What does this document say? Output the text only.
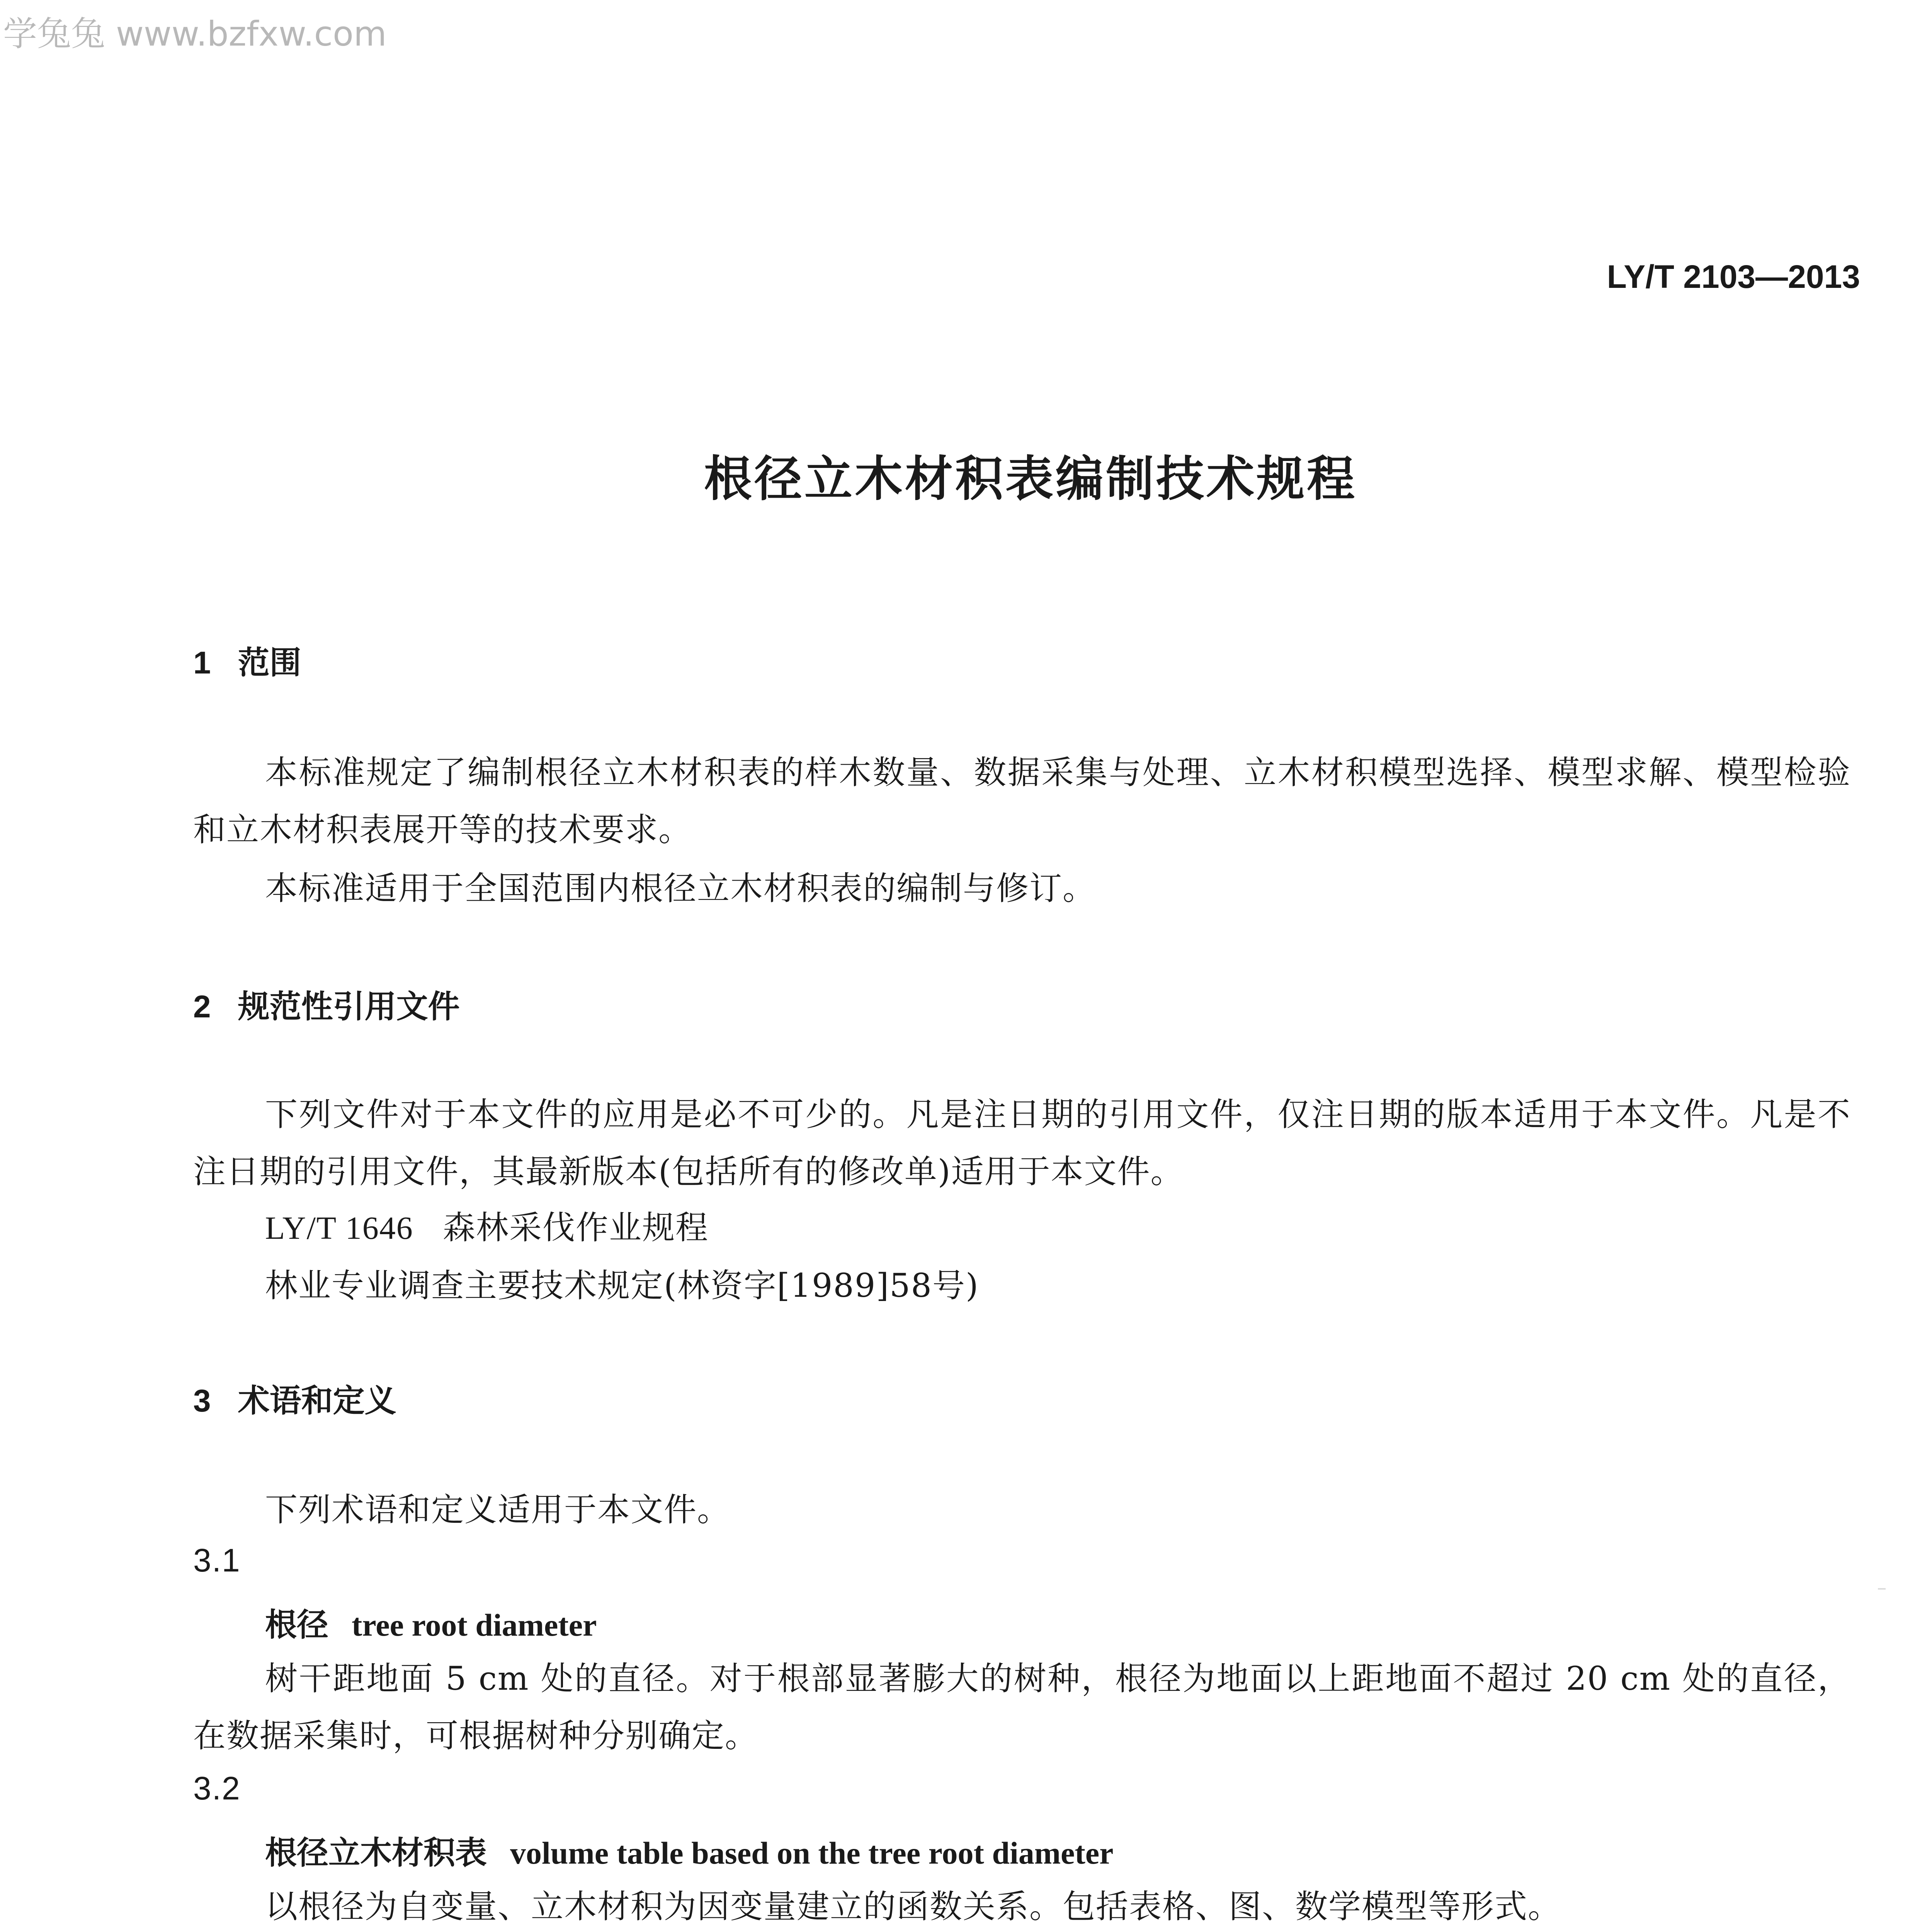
学兔兔 www.bzfxw.com
LY/T 2103—2013
根径立木材积表编制技术规程
1 范围
本标准规定了编制根径立木材积表的样木数量、数据采集与处理、立木材积模型选择、模型求解、模型检验和立木材积表展开等的技术要求。
本标准适用于全国范围内根径立木材积表的编制与修订。
2 规范性引用文件
下列文件对于本文件的应用是必不可少的。凡是注日期的引用文件，仅注日期的版本适用于本文件。凡是不注日期的引用文件，其最新版本(包括所有的修改单)适用于本文件。
LY/T 1646 森林采伐作业规程
林业专业调查主要技术规定(林资字[1989]58号)
3 术语和定义
下列术语和定义适用于本文件。
3.1
根径 tree root diameter
树干距地面 5 cm 处的直径。对于根部显著膨大的树种，根径为地面以上距地面不超过 20 cm 处的直径，在数据采集时，可根据树种分别确定。
3.2
根径立木材积表 volume table based on the tree root diameter
以根径为自变量、立木材积为因变量建立的函数关系。包括表格、图、数学模型等形式。
